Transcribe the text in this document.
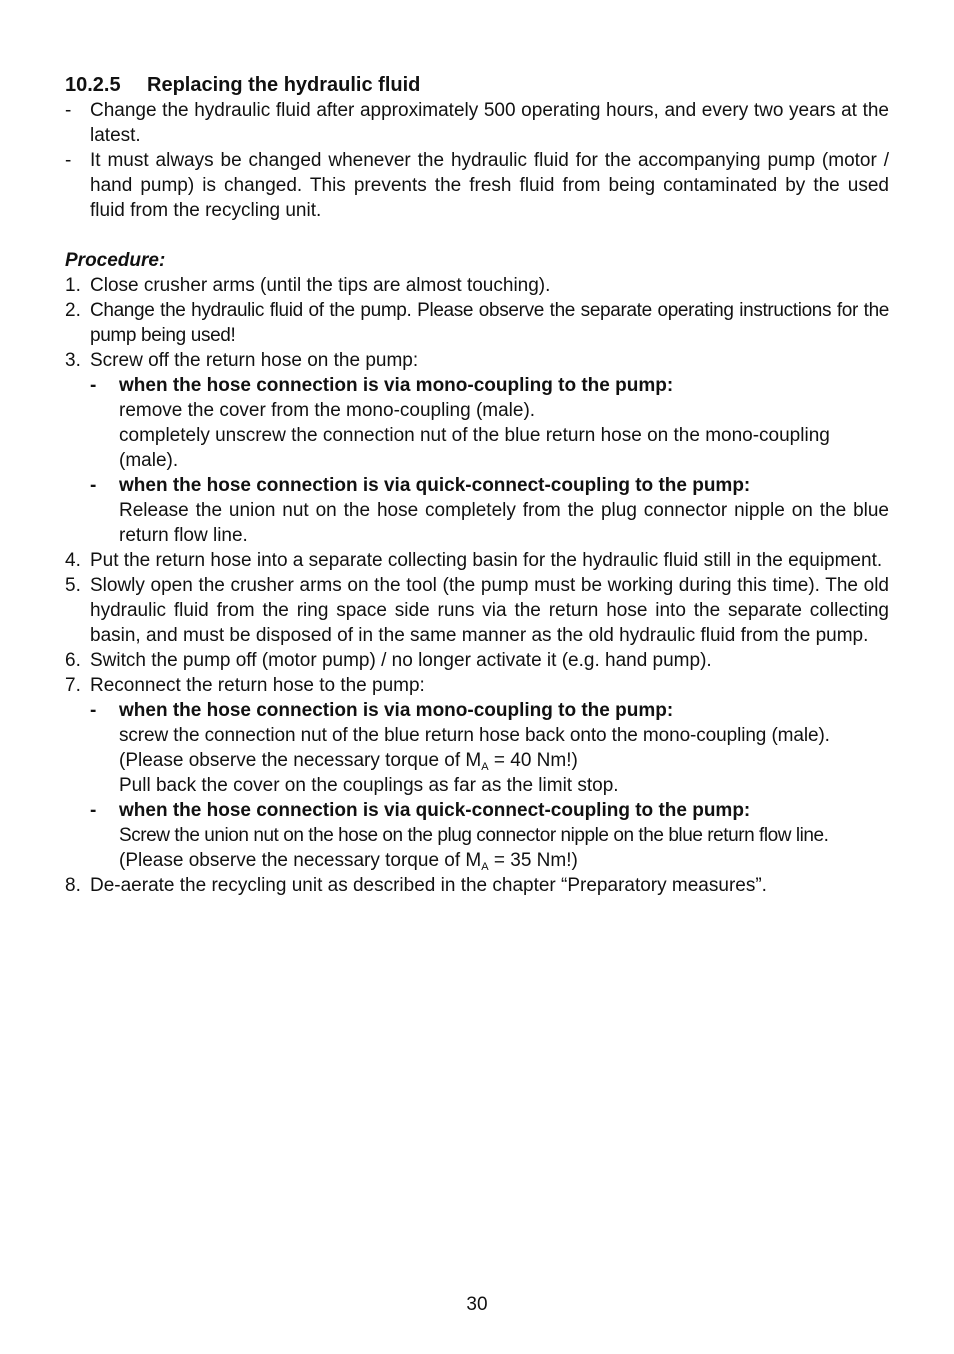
10.2.5 Replacing the hydraulic fluid
- Change the hydraulic fluid after approximately 500 operating hours, and every two years at the latest.
- It must always be changed whenever the hydraulic fluid for the accompanying pump (motor / hand pump) is changed. This prevents the fresh fluid from being contaminated by the used fluid from the recycling unit.
Procedure:
1. Close crusher arms (until the tips are almost touching).
2. Change the hydraulic fluid of the pump. Please observe the separate operating instructions for the pump being used!
3. Screw off the return hose on the pump:
- when the hose connection is via mono-coupling to the pump:

remove the cover from the mono-coupling (male).

completely unscrew the connection nut of the blue return hose on the mono-coupling (male).

- when the hose connection is via quick-connect-coupling to the pump:

Release the union nut on the hose completely from the plug connector nipple on the blue return flow line.

4. Put the return hose into a separate collecting basin for the hydraulic fluid still in the equipment.
5. Slowly open the crusher arms on the tool (the pump must be working during this time). The old hydraulic fluid from the ring space side runs via the return hose into the separate collecting basin, and must be disposed of in the same manner as the old hydraulic fluid from the pump.
6. Switch the pump off (motor pump) / no longer activate it (e.g. hand pump).
7. Reconnect the return hose to the pump:
- when the hose connection is via mono-coupling to the pump:

screw the connection nut of the blue return hose back onto the mono-coupling (male).

(Please observe the necessary torque of $M_A = 40$ Nm!)

Pull back the cover on the couplings as far as the limit stop.

- when the hose connection is via quick-connect-coupling to the pump:

Screw the union nut on the hose on the plug connector nipple on the blue return flow line.

(Please observe the necessary torque of $M_A = 35$ Nm!)

8. De-aerate the recycling unit as described in the chapter “Preparatory measures”.
30
